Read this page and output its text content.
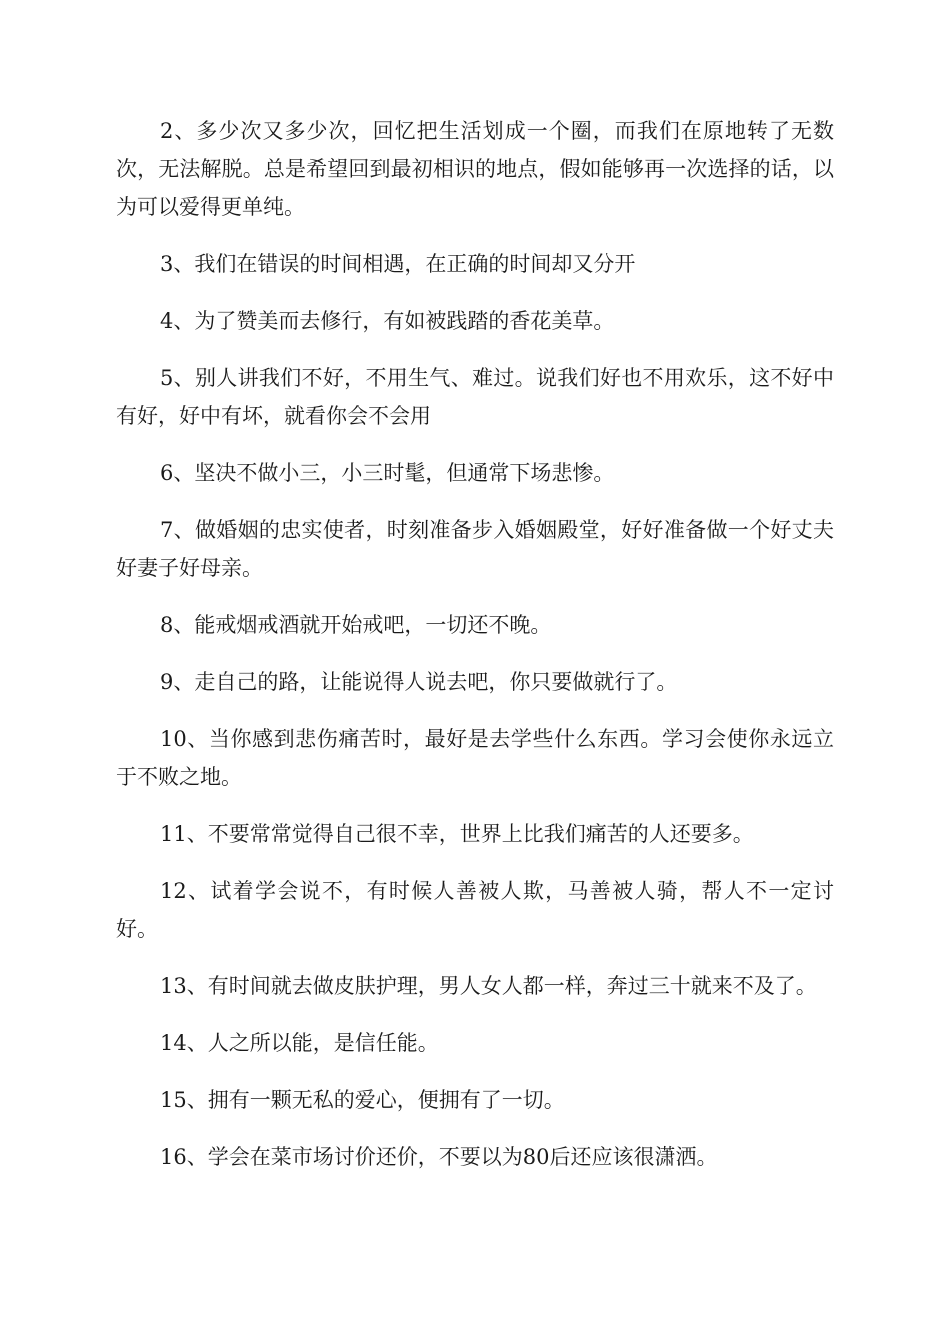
2、多少次又多少次，回忆把生活划成一个圈，而我们在原地转了无数次，无法解脱。总是希望回到最初相识的地点，假如能够再一次选择的话，以为可以爱得更单纯。

3、我们在错误的时间相遇，在正确的时间却又分开

4、为了赞美而去修行，有如被践踏的香花美草。

5、别人讲我们不好，不用生气、难过。说我们好也不用欢乐，这不好中有好，好中有坏，就看你会不会用

6、坚决不做小三，小三时髦，但通常下场悲惨。

7、做婚姻的忠实使者，时刻准备步入婚姻殿堂，好好准备做一个好丈夫好妻子好母亲。

8、能戒烟戒酒就开始戒吧，一切还不晚。

9、走自己的路，让能说得人说去吧，你只要做就行了。

10、当你感到悲伤痛苦时，最好是去学些什么东西。学习会使你永远立于不败之地。

11、不要常常觉得自己很不幸，世界上比我们痛苦的人还要多。

12、试着学会说不，有时候人善被人欺，马善被人骑，帮人不一定讨好。

13、有时间就去做皮肤护理，男人女人都一样，奔过三十就来不及了。

14、人之所以能，是信任能。

15、拥有一颗无私的爱心，便拥有了一切。

16、学会在菜市场讨价还价，不要以为80后还应该很潇洒。
